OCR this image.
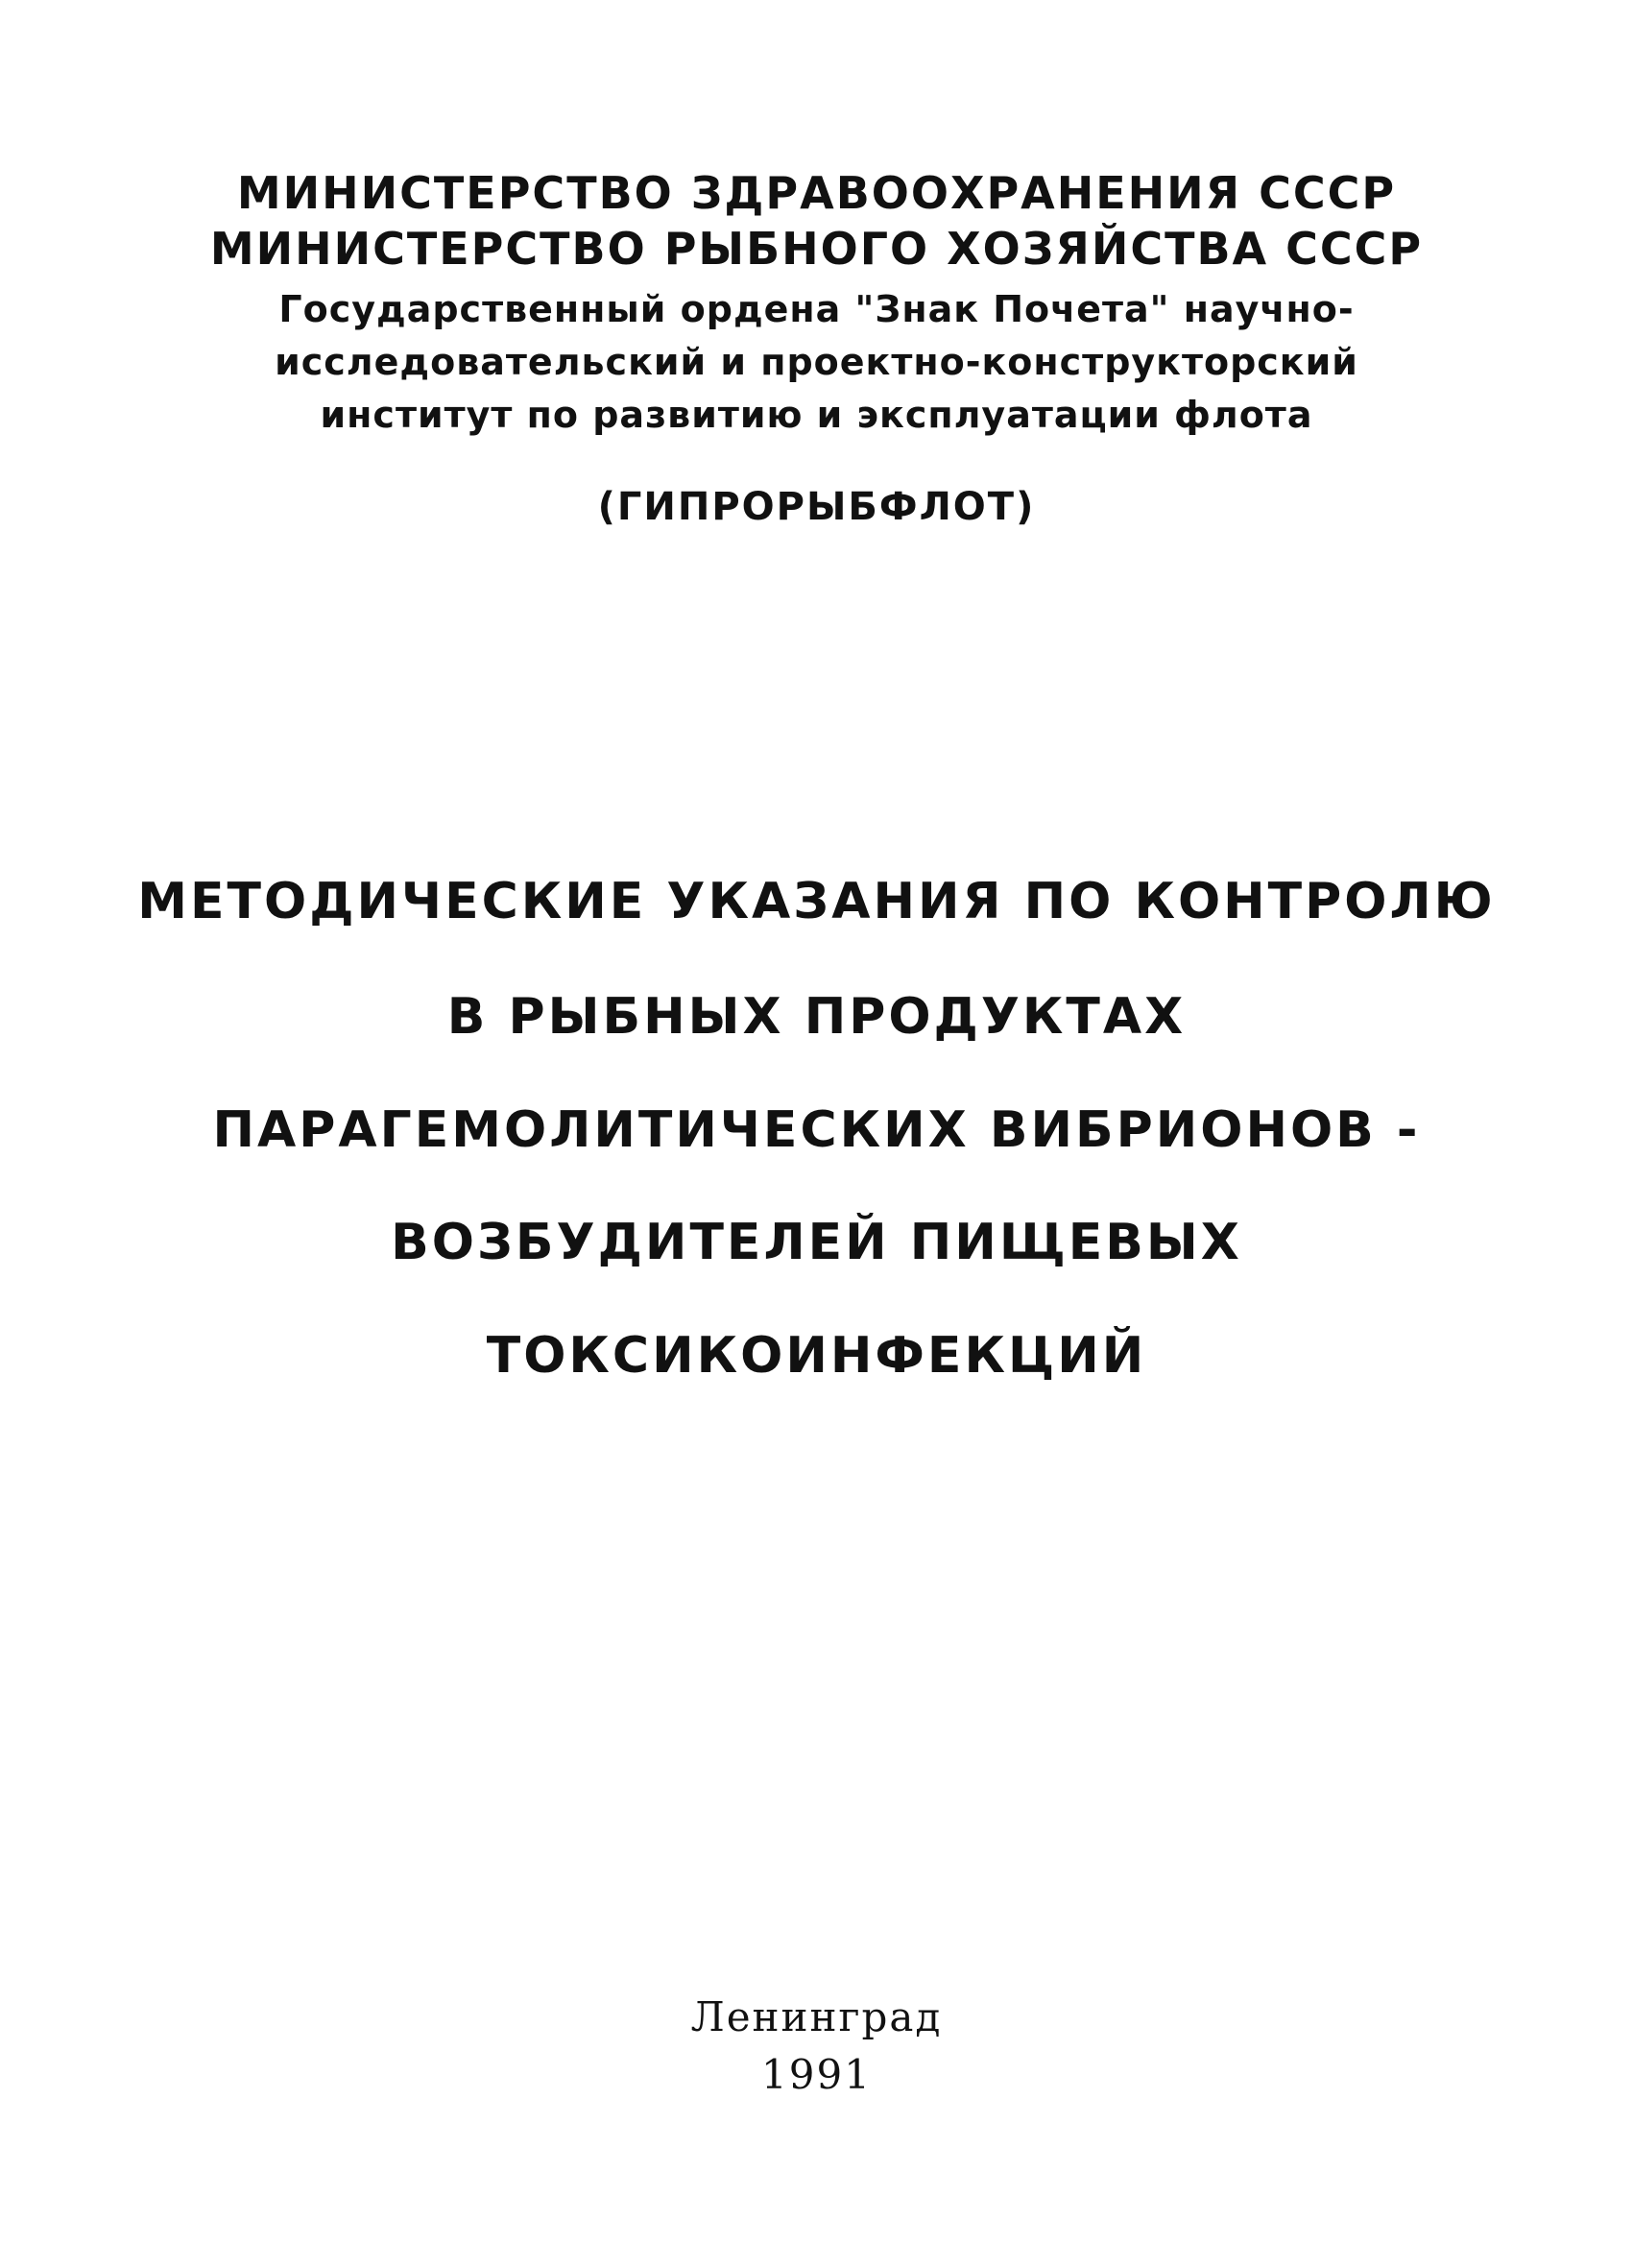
МИНИСТЕРСТВО ЗДРАВООХРАНЕНИЯ СССР
МИНИСТЕРСТВО РЫБНОГО ХОЗЯЙСТВА СССР
Государственный ордена "Знак Почета" научно-
исследовательский и проектно-конструкторский
институт по развитию и эксплуатации флота
(ГИПРОРЫБФЛОТ)
МЕТОДИЧЕСКИЕ УКАЗАНИЯ ПО КОНТРОЛЮ
В РЫБНЫХ ПРОДУКТАХ
ПАРАГЕМОЛИТИЧЕСКИХ ВИБРИОНОВ -
ВОЗБУДИТЕЛЕЙ ПИЩЕВЫХ
ТОКСИКОИНФЕКЦИЙ
Ленинград
1991
